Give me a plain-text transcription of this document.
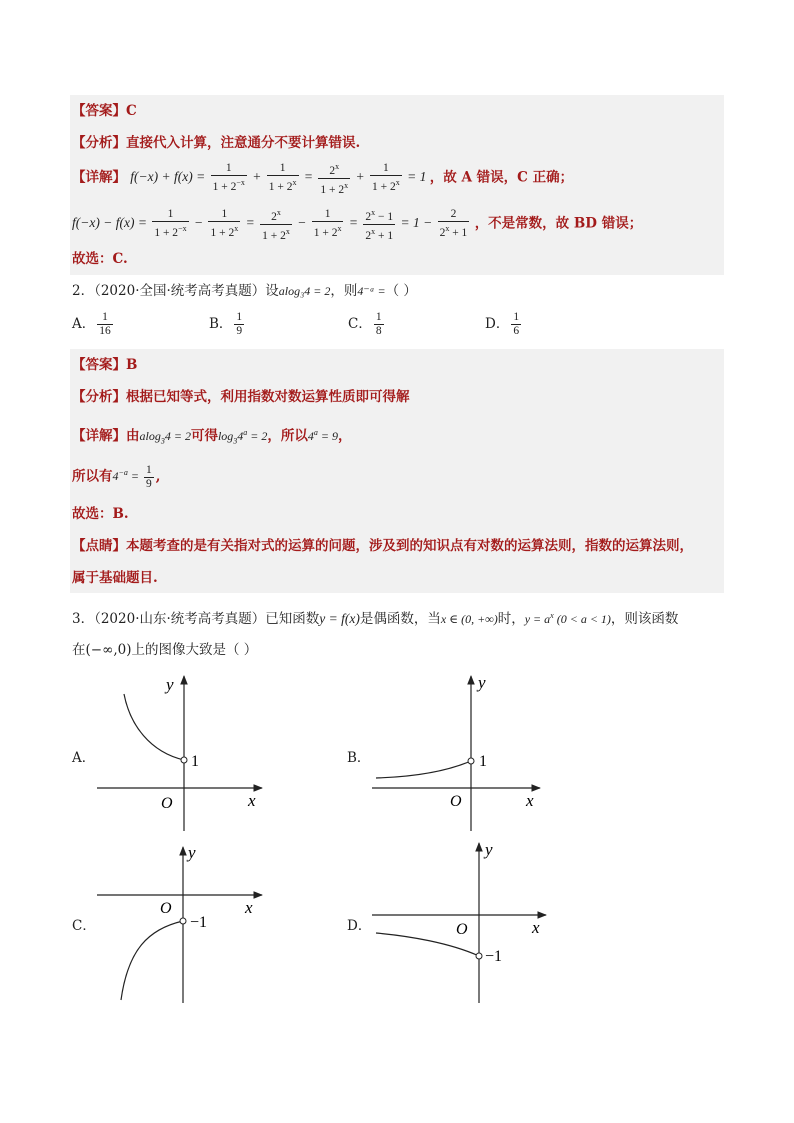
【答案】C
【分析】直接代入计算，注意通分不要计算错误.
【详解】 $f(-x) + f(x) = \frac{1}{1 + 2^{-x}} + \frac{1}{1 + 2^x} = \frac{2^x}{1 + 2^x} + \frac{1}{1 + 2^x} = 1$ ，故 A 错误，C 正确；
$f(-x) - f(x) = \frac{1}{1 + 2^{-x}} - \frac{1}{1 + 2^x} = \frac{2^x}{1 + 2^x} - \frac{1}{1 + 2^x} = \frac{2^x - 1}{2^x + 1} = 1 - \frac{2}{2^x + 1}$ ，不是常数，故 BD 错误；
故选：C.
2．（2020·全国·统考高考真题）设alog₃4 = 2，则4⁻ᵃ =（ ）
A． $\frac{1}{16}$	B． $\frac{1}{9}$	C． $\frac{1}{8}$	D． $\frac{1}{6}$
【答案】B
【分析】根据已知等式，利用指数对数运算性质即可得解
【详解】由alog$_3$4 = 2可得$\log_34^a = 2$，所以$4^a = 9$，
所以有$4^{-a} = \frac{1}{9}$ ,
故选：B.
【点睛】本题考查的是有关指对式的运算的问题，涉及到的知识点有对数的运算法则，指数的运算法则，
属于基础题目.
3．（2020·山东·统考高考真题）已知函数y = f(x)是偶函数，当x ∈ (0, +∞)时，$y = a^x$ (0 < a < 1)，则该函数
在(−∞,0)上的图像大致是（ ）
A．	B．
C．	D．
x
y
O
1
x
y
O
1
x
y
O
−1	x
y
O
−1
